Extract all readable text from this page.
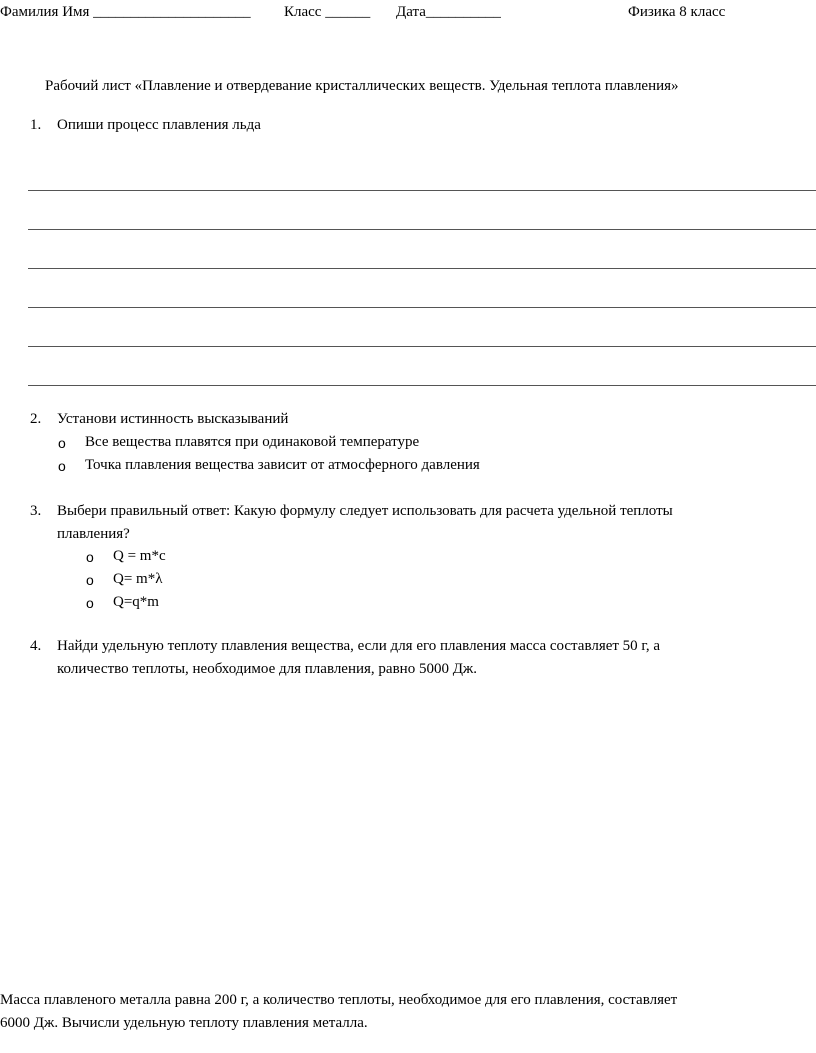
Фамилия Имя _____________________ Класс ______ Дата__________	Физика 8 класс
Рабочий лист «Плавление и отвердевание кристаллических веществ. Удельная теплота плавления»
1. Опиши процесс плавления льда
2. Установи истинность высказываний
o Все вещества плавятся при одинаковой температуре
o Точка плавления вещества зависит от атмосферного давления
3. Выбери правильный ответ: Какую формулу следует использовать для расчета удельной теплоты
плавления?
o Q = m*c
o Q= m*λ
o Q=q*m
4. Найди удельную теплоту плавления вещества, если для его плавления масса составляет 50 г, а
количество теплоты, необходимое для плавления, равно 5000 Дж.
Масса плавленого металла равна 200 г, а количество теплоты, необходимое для его плавления, составляет
6000 Дж. Вычисли удельную теплоту плавления металла.
